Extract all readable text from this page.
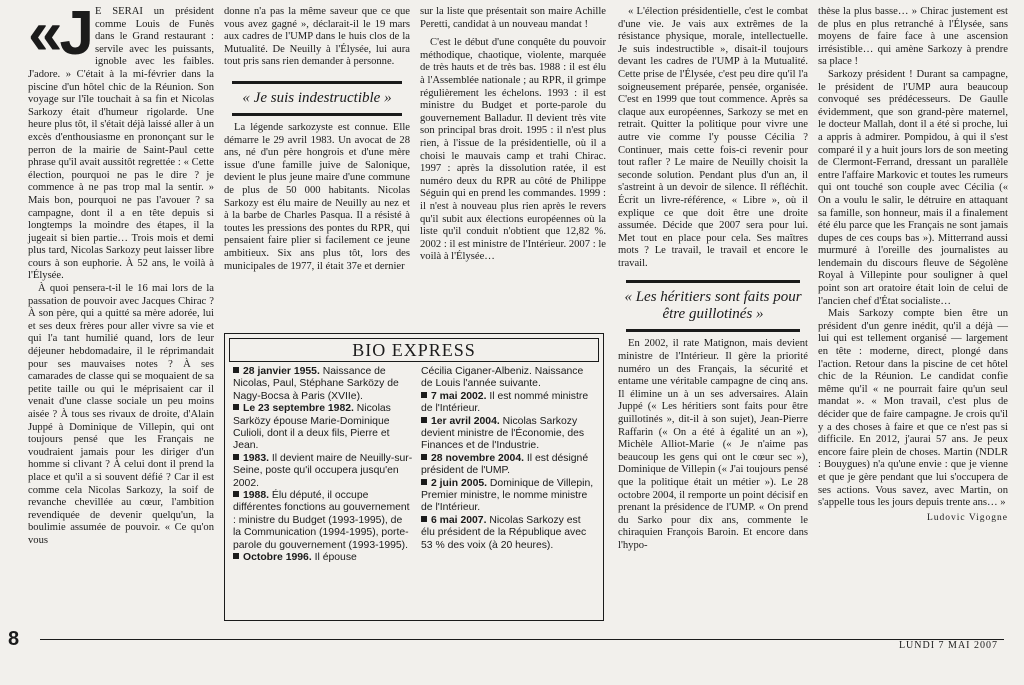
«J E SERAI un président comme Louis de Funès dans le Grand restaurant : servile avec les puissants, ignoble avec les faibles. J'adore. » C'était à la mi-février dans la piscine d'un hôtel chic de la Réunion. Son voyage sur l'île touchait à sa fin et Nicolas Sarkozy était d'humeur rigolarde. Une heure plus tôt, il s'était déjà laissé aller à un excès d'enthousiasme en prononçant sur le perron de la mairie de Saint-Paul cette phrase qu'il avait aussitôt regrettée : « Cette élection, pourquoi ne pas le dire ? je commence à ne pas trop mal la sentir. » Mais bon, pourquoi ne pas l'avouer ? sa campagne, dont il a en tête depuis si longtemps la moindre des étapes, il la jugeait si bien partie… Trois mois et demi plus tard, Nicolas Sarkozy peut laisser libre cours à son euphorie. À 52 ans, le voilà à l'Élysée.

À quoi pensera-t-il le 16 mai lors de la passation de pouvoir avec Jacques Chirac ? À son père, qui a quitté sa mère adorée, lui et ses deux frères pour aller vivre sa vie et qui l'a tant humilié quand, lors de leur déjeuner hebdomadaire, il le réprimandait pour ses mauvaises notes ? À ses camarades de classe qui se moquaient de sa petite taille ou qui le méprisaient car il venait d'une classe sociale un peu moins aisée ? À tous ses rivaux de droite, d'Alain Juppé à Dominique de Villepin, qui ont toujours pensé que les Français ne voudraient jamais pour les diriger d'un homme si clivant ? À celui dont il prend la place et qu'il a si souvent défié ? Car il est comme cela Nicolas Sarkozy, la soif de revanche chevillée au cœur, l'ambition revendiquée de devenir quelqu'un, la boulimie assumée de pouvoir. « Ce qu'on vous

donne n'a pas la même saveur que ce que vous avez gagné », déclarait-il le 19 mars aux cadres de l'UMP dans le huis clos de la Mutualité. De Neuilly à l'Élysée, lui aura tout pris sans rien demander à personne.

« Je suis indestructible »

La légende sarkozyste est connue. Elle démarre le 29 avril 1983. Un avocat de 28 ans, né d'un père hongrois et d'une mère issue d'une famille juive de Salonique, devient le plus jeune maire d'une commune de plus de 50 000 habitants. Nicolas Sarkozy est élu maire de Neuilly au nez et à la barbe de Charles Pasqua. Il a résisté à toutes les pressions des pontes du RPR, qui pensaient faire plier si facilement ce jeune ambitieux. Six ans plus tôt, lors des municipales de 1977, il était 37e et dernier

sur la liste que présentait son maire Achille Peretti, candidat à un nouveau mandat !

C'est le début d'une conquête du pouvoir méthodique, chaotique, violente, marquée de très hauts et de très bas. 1988 : il est élu à l'Assemblée nationale ; au RPR, il grimpe régulièrement les échelons. 1993 : il est ministre du Budget et porte-parole du gouvernement Balladur. Il devient très vite son principal bras droit. 1995 : il n'est plus rien, à l'issue de la présidentielle, où il a choisi le mauvais camp et trahi Chirac. 1997 : après la dissolution ratée, il est numéro deux du RPR au côté de Philippe Séguin qui en prend les commandes. 1999 : il n'est à nouveau plus rien après le revers qu'il subit aux élections européennes où la liste qu'il conduit n'obtient que 12,82 %. 2002 : il est ministre de l'Intérieur. 2007 : le voilà à l'Élysée…

« L'élection présidentielle, c'est le combat d'une vie. Je vais aux extrêmes de la résistance physique, morale, intellectuelle. Je suis indestructible », disait-il toujours devant les cadres de l'UMP à la Mutualité. Cette prise de l'Élysée, c'est peu dire qu'il l'a soigneusement préparée, pensée, organisée. C'est en 1999 que tout commence. Après sa claque aux européennes, Sarkozy se met en retrait. Quitter la politique pour vivre une autre vie comme l'y pousse Cécilia ? Continuer, mais cette fois-ci revenir pour tout rafler ? Le maire de Neuilly choisit la seconde solution. Pendant plus d'un an, il s'astreint à un devoir de silence. Il réfléchit. Écrit un livre-référence, « Libre », où il explique ce que doit être une droite assumée. Décide que 2007 sera pour lui. Met tout en place pour cela. Ses maîtres mots ? Le travail, le travail et encore le travail.

« Les héritiers sont faits pour être guillotinés »

En 2002, il rate Matignon, mais devient ministre de l'Intérieur. Il gère la priorité numéro un des Français, la sécurité et entame une véritable campagne de cinq ans. Il élimine un à un ses adversaires. Alain Juppé (« Les héritiers sont faits pour être guillotinés », dit-il à son sujet), Jean-Pierre Raffarin (« On a été à égalité un an »), Michèle Alliot-Marie (« Je n'aime pas beaucoup les gens qui ont le cœur sec »), Dominique de Villepin (« J'ai toujours pensé que la politique était un métier »). Le 28 octobre 2004, il remporte un point décisif en prenant la présidence de l'UMP. « On prend du Sarko pour dix ans, commente le chiraquien François Baroin. Et encore dans l'hypo-

thèse la plus basse… » Chirac justement est de plus en plus retranché à l'Élysée, sans moyens de faire face à une ascension irrésistible… qui amène Sarkozy à prendre sa place !

Sarkozy président ! Durant sa campagne, le président de l'UMP aura beaucoup convoqué ses prédécesseurs. De Gaulle évidemment, que son grand-père maternel, le docteur Mallah, dont il a été si proche, lui a appris à admirer. Pompidou, à qui il s'est comparé il y a huit jours lors de son meeting de Clermont-Ferrand, dressant un parallèle entre l'affaire Markovic et toutes les rumeurs qui ont touché son couple avec Cécilia (« On a voulu le salir, le détruire en attaquant sa famille, son honneur, mais il a finalement été élu parce que les Français ne sont jamais dupes de ces coups bas »). Mitterrand aussi murmuré à l'oreille des journalistes au lendemain du discours fleuve de Ségolène Royal à Villepinte pour souligner à quel point son art oratoire était loin de celui de l'ancien chef d'État socialiste…

Mais Sarkozy compte bien être un président d'un genre inédit, qu'il a déjà — lui qui est tellement organisé — largement en tête : moderne, direct, plongé dans l'action. Retour dans la piscine de cet hôtel chic de la Réunion. Le candidat confie même qu'il « ne pourrait faire qu'un seul mandat ». « Mon travail, c'est plus de décider que de faire campagne. Je crois qu'il y a des choses à faire et que ce n'est pas si difficile. En 2012, j'aurai 57 ans. Je peux encore faire plein de choses. Martin (NDLR : Bouygues) n'a qu'une envie : que je vienne et que je gère pendant que lui s'occupera de ses actions. Vous savez, avec Martin, on s'appelle tous les jours depuis trente ans… »

Ludovic Vigogne
BIO EXPRESS
28 janvier 1955. Naissance de Nicolas, Paul, Stéphane Sarközy de Nagy-Bocsa à Paris (XVIIe).
Le 23 septembre 1982. Nicolas Sarközy épouse Marie-Dominique Culioli, dont il a deux fils, Pierre et Jean.
1983. Il devient maire de Neuilly-sur-Seine, poste qu'il occupera jusqu'en 2002.
1988. Élu député, il occupe différentes fonctions au gouvernement : ministre du Budget (1993-1995), de la Communication (1994-1995), porte-parole du gouvernement (1993-1995).
Octobre 1996. Il épouse
Cécilia Ciganer-Albeniz. Naissance de Louis l'année suivante.
7 mai 2002. Il est nommé ministre de l'Intérieur.
1er avril 2004. Nicolas Sarkozy devient ministre de l'Économie, des Finances et de l'Industrie.
28 novembre 2004. Il est désigné président de l'UMP.
2 juin 2005. Dominique de Villepin, Premier ministre, le nomme ministre de l'Intérieur.
6 mai 2007. Nicolas Sarkozy est élu président de la République avec 53 % des voix (à 20 heures).
8	LUNDI 7 MAI 2007
